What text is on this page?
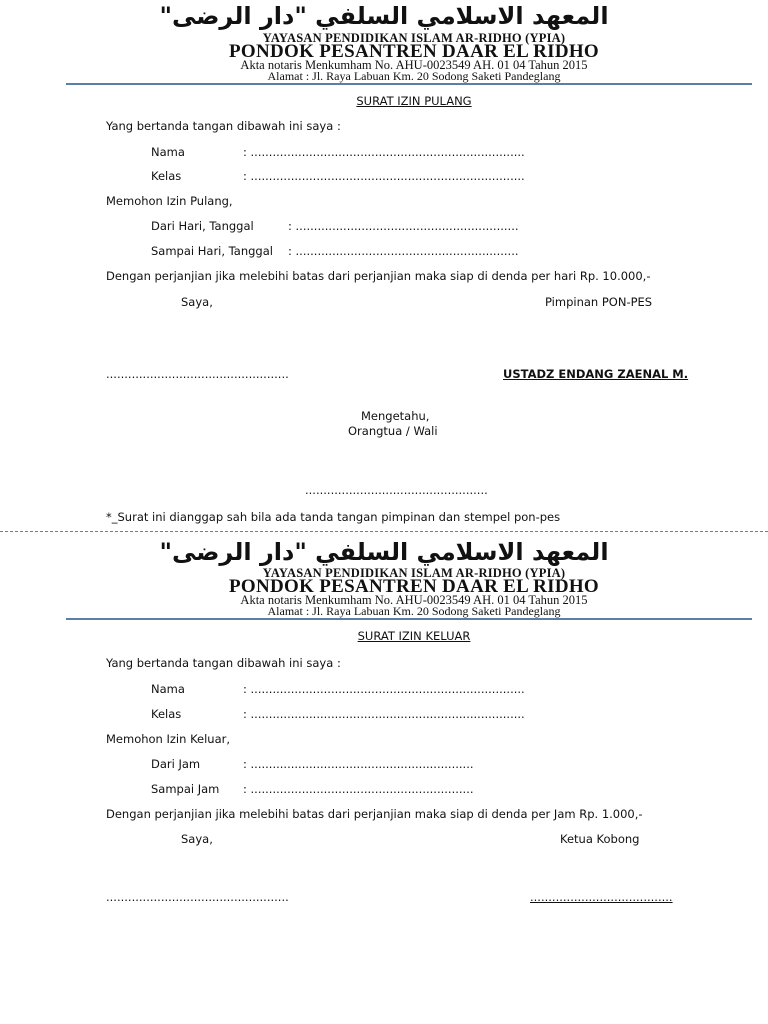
المعهد الاسلامي السلفي "دار الرضى"
YAYASAN PENDIDIKAN ISLAM AR-RIDHO (YPIA)
PONDOK PESANTREN DAAR EL RIDHO
Akta notaris Menkumham No. AHU-0023549 AH. 01 04 Tahun 2015
Alamat : Jl. Raya Labuan Km. 20 Sodong Saketi Pandeglang
SURAT IZIN PULANG
Yang bertanda tangan dibawah ini saya :
Nama	: ...........................................................................
Kelas	: ...........................................................................
Memohon Izin Pulang,
Dari Hari, Tanggal	: .............................................................
Sampai Hari, Tanggal : .............................................................
Dengan perjanjian jika melebihi batas dari perjanjian maka siap di denda per hari Rp. 10.000,-
Saya,	Pimpinan PON-PES
..................................................	USTADZ ENDANG ZAENAL M.
Mengetahu,
Orangtua / Wali
..................................................
*_Surat ini dianggap sah bila ada tanda tangan pimpinan dan stempel pon-pes
المعهد الاسلامي السلفي "دار الرضى"
YAYASAN PENDIDIKAN ISLAM AR-RIDHO (YPIA)
PONDOK PESANTREN DAAR EL RIDHO
Akta notaris Menkumham No. AHU-0023549 AH. 01 04 Tahun 2015
Alamat : Jl. Raya Labuan Km. 20 Sodong Saketi Pandeglang
SURAT IZIN KELUAR
Yang bertanda tangan dibawah ini saya :
Nama	: ...........................................................................
Kelas	: ...........................................................................
Memohon Izin Keluar,
Dari Jam	: .............................................................
Sampai Jam : .............................................................
Dengan perjanjian jika melebihi batas dari perjanjian maka siap di denda per Jam Rp. 1.000,-
Saya,	Ketua Kobong
..................................................	.......................................
